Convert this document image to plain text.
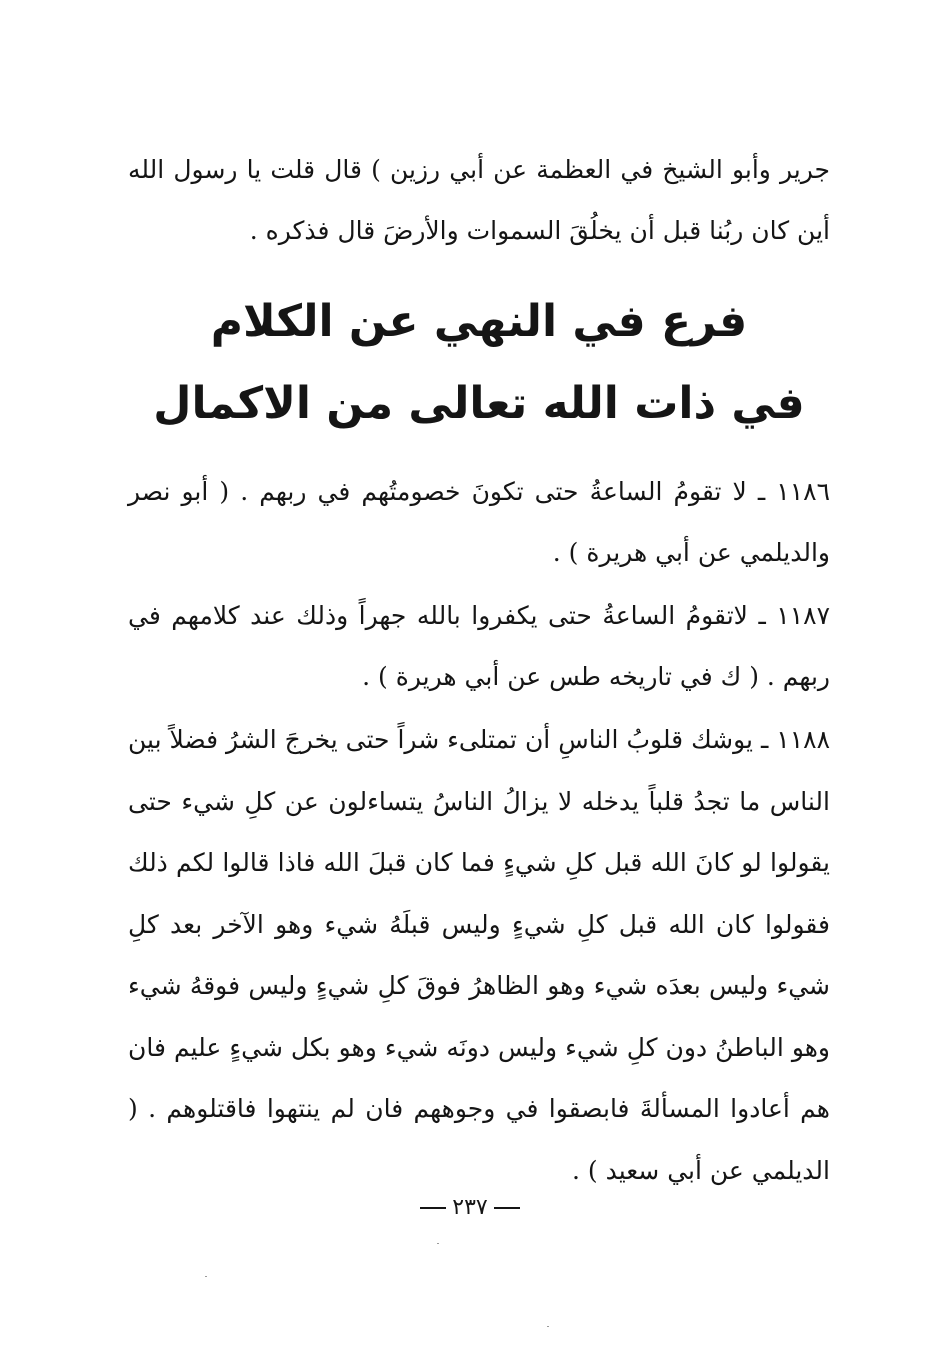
جرير وأبو الشيخ في العظمة عن أبي رزين ) قال قلت يا رسول الله أين كان ربُنا قبل أن يخلُقَ السموات والأرضَ قال فذكره .

فرع في النهي عن الكلام
في ذات الله تعالى من الاكمال

١١٨٦ ـ لا تقومُ الساعةُ حتى تكونَ خصومتُهم في ربهم . ( أبو نصر والديلمي عن أبي هريرة ) .

١١٨٧ ـ لاتقومُ الساعةُ حتى يكفروا بالله جهراً وذلك عند كلامهم في ربهم . ( ك في تاريخه طس عن أبي هريرة ) .

١١٨٨ ـ يوشك قلوبُ الناسِ أن تمتلىء شراً حتى يخرجَ الشرُ فضلاً بين الناس ما تجدُ قلباً يدخله لا يزالُ الناسُ يتساءلون عن كلِ شيء حتى يقولوا لو كانَ الله قبل كلِ شيءٍ فما كان قبلَ الله فاذا قالوا لكم ذلك فقولوا كان الله قبل كلِ شيءٍ وليس قبلَهُ شيء وهو الآخر بعد كلِ شيء وليس بعدَه شيء وهو الظاهرُ فوقَ كلِ شيءٍ وليس فوقهُ شيء وهو الباطنُ دون كلِ شيء وليس دونَه شيء وهو بكل شيءٍ عليم فان هم أعادوا المسألةَ فابصقوا في وجوههم فان لم ينتهوا فاقتلوهم . ( الديلمي عن أبي سعيد ) .

٢٣٧
